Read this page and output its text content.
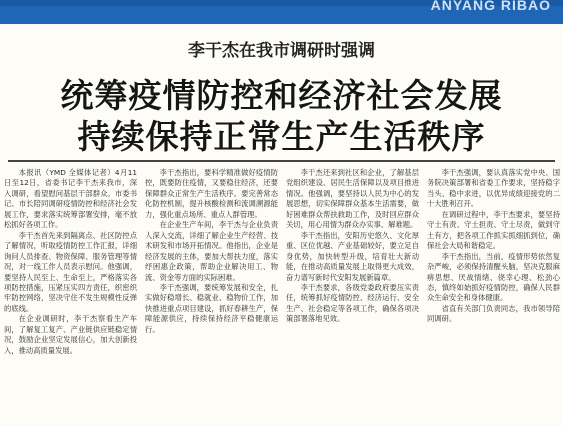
ANYANG RIBAO
李干杰在我市调研时强调
统筹疫情防控和经济社会发展
持续保持正常生产生活秩序

本报讯（YMD 全媒体记者）4月11日至12日，省委书记李干杰来我市，深入调研，看望慰问基层干部群众。市委书记、市长陪同调研疫情防控和经济社会发展工作，要求落实统筹部署安排，毫不放松抓好各项工作。

李干杰首先来到隔离点、社区防控点了解情况，听取疫情防控工作汇报，详细询问人员排查、物资保障、服务管理等情况，对一线工作人员表示慰问。他强调，要坚持人民至上、生命至上，严格落实各项防控措施，压紧压实四方责任，织密织牢防控网络，坚决守住不发生规模性反弹的底线。

在企业调研时，李干杰察看生产车间，了解复工复产、产业链供应链稳定情况，鼓励企业坚定发展信心，加大创新投入，推动高质量发展。

李干杰指出，要科学精准做好疫情防控，既要防住疫情，又要稳住经济，还要保障群众正常生产生活秩序。要完善常态化防控机制，提升核酸检测和流调溯源能力，强化重点场所、重点人群管理。

在企业生产车间，李干杰与企业负责人深入交流，详细了解企业生产经营、技术研发和市场开拓情况。他指出，企业是经济发展的主体，要加大帮扶力度，落实纾困惠企政策，帮助企业解决用工、物流、资金等方面的实际困难。

李干杰强调，要统筹发展和安全，扎实做好稳增长、稳就业、稳物价工作，加快推进重点项目建设，抓好春耕生产，保障能源供应，持续保持经济平稳健康运行。

李干杰还来到社区和企业，了解基层党组织建设、居民生活保障以及项目推进情况。他强调，要坚持以人民为中心的发展思想，切实保障群众基本生活需要，做好困难群众帮扶救助工作，及时回应群众关切，用心用情为群众办实事、解难题。

李干杰指出，安阳历史悠久、文化厚重、区位优越、产业基础较好，要立足自身优势，加快转型升级，培育壮大新动能，在推动高质量发展上取得更大成效，奋力谱写新时代安阳发展新篇章。

李干杰要求，各级党委政府要压实责任，统筹抓好疫情防控、经济运行、安全生产、社会稳定等各项工作，确保各项决策部署落地见效。

李干杰强调，要认真落实党中央、国务院决策部署和省委工作要求，坚持稳字当头、稳中求进，以优异成绩迎接党的二十大胜利召开。

在调研过程中，李干杰要求，要坚持守土有责、守土担责、守土尽责，做到守土有方，把各项工作抓实抓细抓到位，确保社会大局和谐稳定。

李干杰指出，当前，疫情形势依然复杂严峻，必须保持清醒头脑，坚决克服麻痹思想、厌战情绪、侥幸心理、松劲心态，慎终如始抓好疫情防控，确保人民群众生命安全和身体健康。

省直有关部门负责同志，我市领导陪同调研。
